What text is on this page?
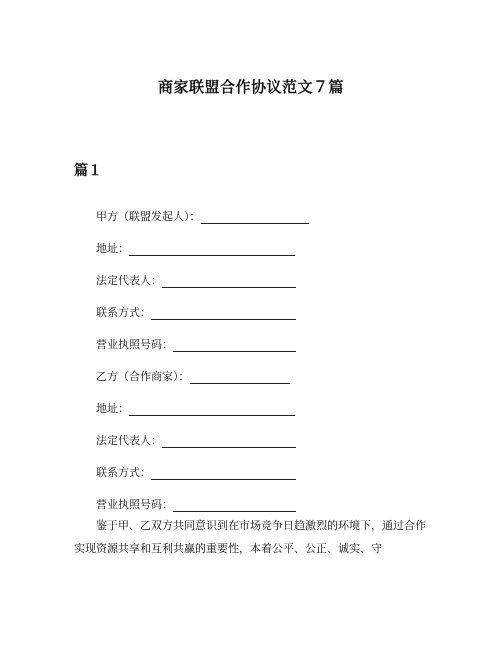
商家联盟合作协议范文７篇
篇１
甲方（联盟发起人）：
地址：
法定代表人：
联系方式：
营业执照号码：
乙方（合作商家）：
地址：
法定代表人：
联系方式：
营业执照号码：
鉴于甲、乙双方共同意识到在市场竞争日趋激烈的环境下，通过合作实现资源共享和互利共赢的重要性，本着公平、公正、诚实、守
